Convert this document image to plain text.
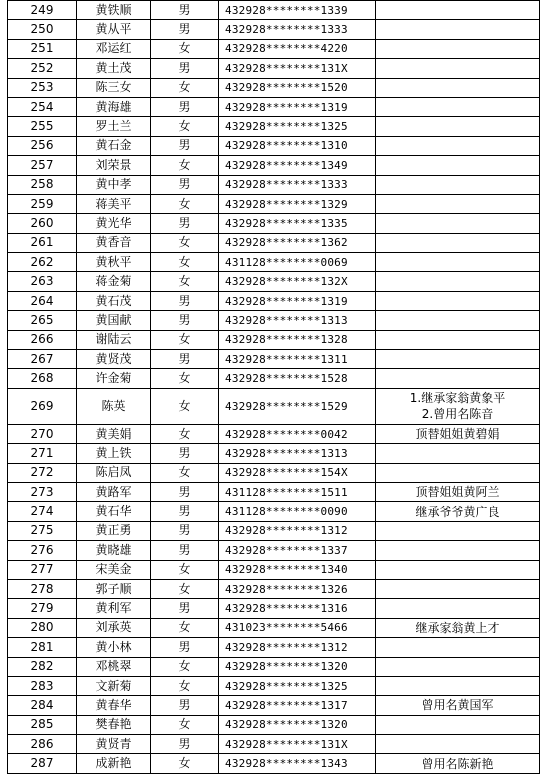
249	黄铁顺	男	432928********1339	
250	黄从平	男	432928********1333	
251	邓运红	女	432928********4220	
252	黄土茂	男	432928********131X	
253	陈三女	女	432928********1520	
254	黄海雄	男	432928********1319	
255	罗土兰	女	432928********1325	
256	黄石金	男	432928********1310	
257	刘荣景	女	432928********1349	
258	黄中孝	男	432928********1333	
259	蒋美平	女	432928********1329	
260	黄光华	男	432928********1335	
261	黄香音	女	432928********1362	
262	黄秋平	女	431128********0069	
263	蒋金菊	女	432928********132X	
264	黄石茂	男	432928********1319	
265	黄国献	男	432928********1313	
266	谢陆云	女	432928********1328	
267	黄贤茂	男	432928********1311	
268	许金菊	女	432928********1528	
269	陈英	女	432928********1529	1.继承家翁黄象平
2.曾用名陈音

270	黄美娟	女	432928********0042	顶替姐姐黄碧娟

271	黄上铁	男	432928********1313	
272	陈启凤	女	432928********154X	
273	黄路军	男	431128********1511	顶替姐姐黄阿兰

274	黄石华	男	431128********0090	继承爷爷黄广良

275	黄正勇	男	432928********1312	
276	黄晓雄	男	432928********1337	
277	宋美金	女	432928********1340	
278	郭子顺	女	432928********1326	
279	黄利军	男	432928********1316	
280	刘承英	女	431023********5466	继承家翁黄上才

281	黄小林	男	432928********1312	
282	邓桃翠	女	432928********1320	
283	文新菊	女	432928********1325	
284	黄春华	男	432928********1317	曾用名黄国军

285	樊春艳	女	432928********1320	
286	黄贤青	男	432928********131X	
287	成新艳	女	432928********1343	曾用名陈新艳
